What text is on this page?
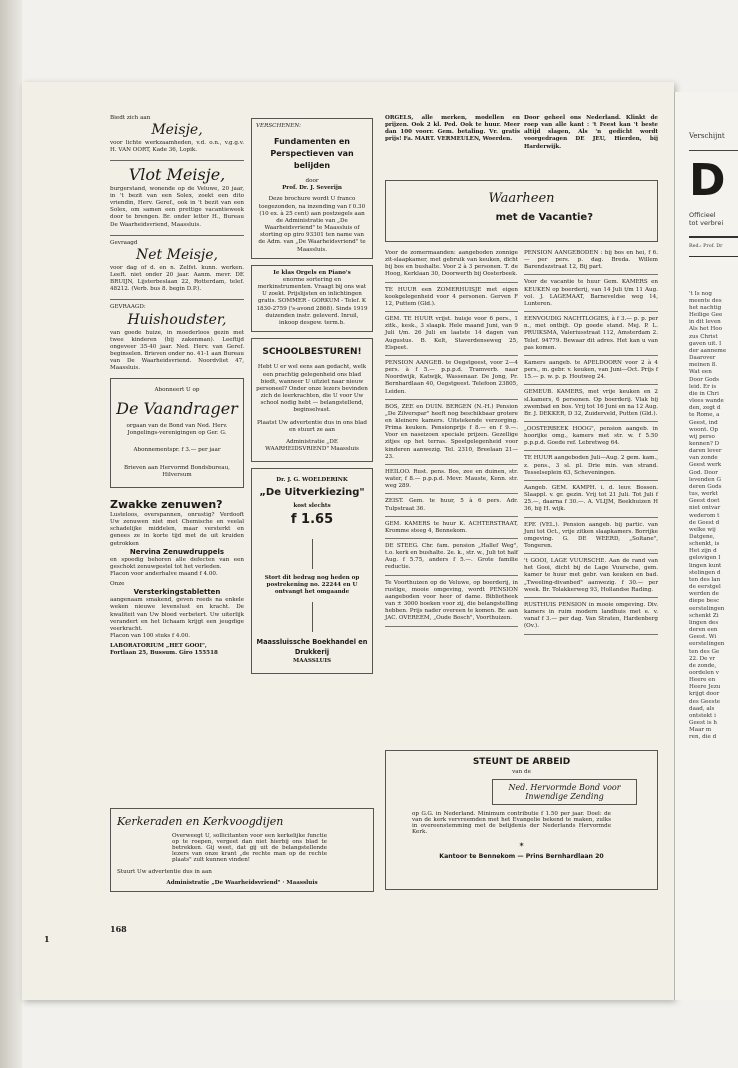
Verschijnt
D
Officieel
tot verbrei
Red.: Prof. Dr
't Is nog
meente des
het nachtig
Heilige Gee
in dit leven
Als het Hoo
zus Christ
gaven uit. I
der aanneme
Daarover
meinen 8.
Wat een
Door Gods
leid. Er is
die in Chri
vlees wande
den, zegt d
te Rome, a
Geest, ind
woont. Op
wij perso
kennen? D
daren lever
van zonde
Geest werk
God. Door
levenden G
deren Gods
tus, werkt
Geest doet
niet ontvar
wederom t
de Geest d
welke wij
Datgene,
schenkt, is
Het zijn d
gelovigen I
lingen kunt
stelingen d
ten des lan
de eerstgel
werden de
diepe besc
eerstelingen
schenkt Zi
lingen des
deren een
Geest. Wi
eerstelingen
ten des Ge
22. De vr
de zonde,
oordelen v
Heere en
Heere Jezu
krijgt door
des Geeste
daad, als
ontstekt i
Geest is h
Maar m
ren, die d

Biedt zich aan

Meisje,

voor lichte werkzaamheden, v.d. o.n., v.g.g.v. H. VAN OORT, Kade 36, Lopik.

Vlot Meisje,

burgerstand, wonende op de Veluwe, 20 jaar, in 't bezit van een Solex, zoekt een dito vriendin, Herv. Geref., ook in 't bezit van een Solex, om samen een prettige vacantieweek door te brengen. Br. onder letter H., Bureau De Waarheidsvriend, Maassluis.

Gevraagd

Net Meisje,

voor dag of d. en n. Zelfst. kunn. werken. Leeft. niet onder 20 jaar. Aanm. mevr. DE BRUIJN, Lijsterbeslaan 22, Rotterdam, telef. 48212. (Verb. bus 8. begin D.P.).

GEVRAAGD:

Huishoudster,

van goede huize, in moederloos gezin met twee kinderen (bij zakenman). Leeftijd ongeveer 35-40 jaar. Ned. Herv. van Geref. beginselen. Brieven onder no. 41-1 aan Bureau van De Waarheidsvriend. Noordvliet 47, Maassluis.

Abonneert U op

De Vaandrager

orgaan van de Bond van Ned. Herv. Jongelings-verenigingen op Ger. G.

Abonnementspr. f 3.— per jaar

Brieven aan Hervormd Bondsbureau, Hilversum

Zwakke zenuwen?

Lusteloos, overspannen, onrustig? Verdooft Uw zenuwen niet met Chemische en veelal schadelijke middelen, maar versterkt en genees ze in korte tijd met de uit kruiden getrokken

Nervina Zenuwdruppels

en spoedig behoren alle defecten van een geschokt zenuwgestel tot het verleden.

Flacon voor anderhalve maand f 4.00.

Onze

Versterkingstabletten

aangenaam smakend, geven reeds na enkele weken nieuwe levenslust en kracht. De kwaliteit van Uw bloed verbetert. Uw uiterlijk verandert en het lichaam krijgt een jeugdige veerkracht.

Flacon van 100 stuks f 4.00.

LABORATORIUM „HET GOOI",

Fortlaan 25, Bussum. Giro 155518

VERSCHENEN:

Fundamenten en Perspectieven van belijden

door

Prof. Dr. J. Severijn

Deze brochure wordt U franco toegezonden, na inzending van f 0.30 (10 ex. à 25 cent) aan postzegels aan de Administratie van „De Waarheidsvriend" te Maassluis of storting op giro 93301 ten name van de Adm. van „De Waarheidsvriend" te Maassluis.

Ie klas Orgels en Piano's

enorme sortering en merkinstrumenten. Vraagt bij ons wat U zoekt. Prijslijsten en inlichtingen gratis. SOMMER - GORKUM - Telef. K 1830-2759 ('s-avond 2868). Sinds 1919 duizenden instr. geleverd. Inruil, inkoop desgew. term.b.

SCHOOLBESTUREN!

Hebt U er wel eens aan gedacht, welk een prachtig gelegenheid ons blad biedt, wanneer U uitziet naar nieuw personeel? Onder onze lezers bevinden zich de leerkrachten, die U voor Uw school nodig hebt — belangstellend, beginselvast.

Plaatst Uw advertentie dus in ons blad en stuurt ze aan

Administratie „DE WAARHEIDSVRIEND" Maassluis

Dr. J. G. WOELDERINK

„De Uitverkiezing"

kost slechts

f 1.65

Stort dit bedrag nog heden op postrekening no. 22244 en U ontvangt het omgaande

Maassluissche Boekhandel en Drukkerij

MAASSLUIS

ORGELS, alle merken, modellen en prijzen. Ook 2 kl. Ped. Ook te huur. Meer dan 100 voorr. Gem. betaling. Vr. gratis prijs! Fa. MART. VERMEULEN, Woerden.

Door geheel ons Nederland. Klinkt de roep van alle kant : 't Feest kan 't beste altijd slagen, Als 'n gedicht wordt voorgedragen DE JEU, Hierden, bij Harderwijk.

Waarheen
met de Vacantie?

Voor de zomermaanden: aangeboden zonnige zit-slaapkamer, met gebruik van keuken, dicht bij bos en bushalte. Voor 2 à 3 personen. T. de Hoog, Kerklaan 30, Doorwerth bij Oosterbeek.

TE HUUR een ZOMERHUISJE met eigen kookgelegenheid voor 4 personen. Gerven F 12, Puttem (Gld.).

GEM. TE HUUR vrijst. huisje voor 6 pers., 1 zitk., kesk., 3 slaapk. Hele maand Juni, van 9 Juli t/m. 26 Juli en laatste 14 dagen van Augustus. B. Kelt, Staverdenseweg 25, Elspeet.

PENSION AANGEB. te Oegstgeest, voor 2—4 pers. à f 5.— p.p.p.d. Tramverb. naar Noordwijk, Katwijk, Wassenaar. De Jong, Pr. Bernhardlaan 40, Oegstgeest. Telefoon 23805, Leiden.

BOS, ZEE en DUIN. BERGEN (N.-H.) Pension „De Zilverspar" heeft nog beschikbaar grotere en kleinere kamers. Uitstekende verzorging. Prima keuken. Pensionprijs f 8.— en f 9.—. Voor en naseizoen speciale prijzen. Gezellige zitjes op het terras. Speelgelegenheid voor kinderen aanwezig. Tel. 2310, Breelaan 21—23.

HEILOO. Rust. pens. Bos, zee en duinen, str. water, f 8.— p.p.p.d. Mevr. Mauste, Kenn. str. weg 289.

ZEIST. Gem. te huur, 5 à 6 pers. Adr. Tulpstraat 36.

GEM. KAMERS te huur K. ACHTERSTRAAT, Kromme steeg 4, Bennekom.

DE STEEG. Chr. fam. pension „Hallef Weg", t.o. kerk en bushalte. 2e. k., str. w., Juli tot half Aug. f 5.75, anders f 5.—. Grote familie reductie.

Te Voorthuizen op de Veluwe, op boerderij, in rustige, mooie omgeving, wordt PENSION aangeboden voor heer of dame. Bibliotheek van ± 3000 boeken voor zij, die belangstelling hebben. Prijs nader overeen te komen. Br. aan JAC. OVEREEM, „Oude Bosch", Voorthuizen.

PENSION AANGEBODEN : bij bos en hei, f 6.— per pers. p. dag. Breda. Willem Barendszstraat 12, Bij part.

Voor de vacantie te huur Gem. KAMERS en KEUKEN op boerderij, van 14 Juli t/m 11 Aug. vol. J. LAGEMAAT, Barneveldse weg 14, Lunteren.

EENVOUDIG NACHTLOGIES, à f 3.— p. p. per n., met ontbijt. Op goede stand. Mej. P. L. PRUIKSMA, Valeriusstraat 112, Amsterdam 2. Telef. 94779. Bewaar dit adres. Het kan u van pas komen.

Kamers aangeb. te APELDOORN voor 2 à 4 pers., m. gebr. v. keuken, van Juni—Oct. Prijs f 15.— p. w. p. p. Houtweg 24.

GEMEUB. KAMERS, met vrije keuken en 2 sl.kamers, 6 personen. Op boerderij. Vlak bij zwembad en bos. Vrij tot 16 Juni en na 12 Aug. Br. J. DEKKER, D 32, Zuiderveld, Putten (Gld.).

„OOSTERBEEK HOOG", pension aangeb. in hoorijke omg., kamers met str. w. f 5.50 p.p.p.d. Goede ref. Lebretweg 64.

TE HUUR aangeboden Juli—Aug. 2 gem. kam., z. pens., 3 sl. pl. Drie min. van strand. Tesselseplein 63, Scheveningen.

Aangeb. GEM. KAMPH. i. d. leuv. Bossen. Slaappl. v. gr. gezin. Vrij tot 21 Juli. Tot Juli f 25.—, daarna f 30.—. A. VLIJM, Beekhuizen H 36, bij H. wijk.

EPE (VEL.). Pension aangeb. bij partic. van Juni tot Oct., vrije zitken slaapkamers. Borrijke omgeving. G. DE WEERD, „Soltane", Tongeren.

't GOOI, LAGE VUURSCHE. Aan de rand van het Gooi, dicht bij de Lage Vuursche, gem. kamer te huur met gebr. van keuken en bad. „Tweeling-divanbed" aanwezig. f 30.— per week. Br. Tolakkerweg 93, Hollandse Rading.

RUSTHUIS PENSION in mooie omgeving. Div. kamers in ruim modern landhuis met e. v. vanaf f 3.— per dag. Van Straten, Hardenberg (Ov.).

Kerkeraden en Kerkvoogdijen

Overweegt U, sollicitanten voor een kerkelijke functie op te roepen, vergeet dan niet hierbij ons blad te betrekken. Gij weet, dat gij uit de belangstellende lezers van onze krant „de rechte man op de rechte plaats" zult kunnen vinden!

Stuurt Uw advertentie dus in aan

Administratie „De Waarheidsvriend" · Maassluis

STEUNT DE ARBEID

van de

Ned. Hervormde Bond voor Inwendige Zending

op G.G. in Nederland. Minimum contributie f 1.50 per jaar. Doel: de van de kerk vervreemden met het Evangelie bekend te maken, zulks in overeenstemming met de belijdenis der Nederlands Hervormde Kerk.

✶

Kantoor te Bennekom — Prins Bernhardlaan 20

168
1
